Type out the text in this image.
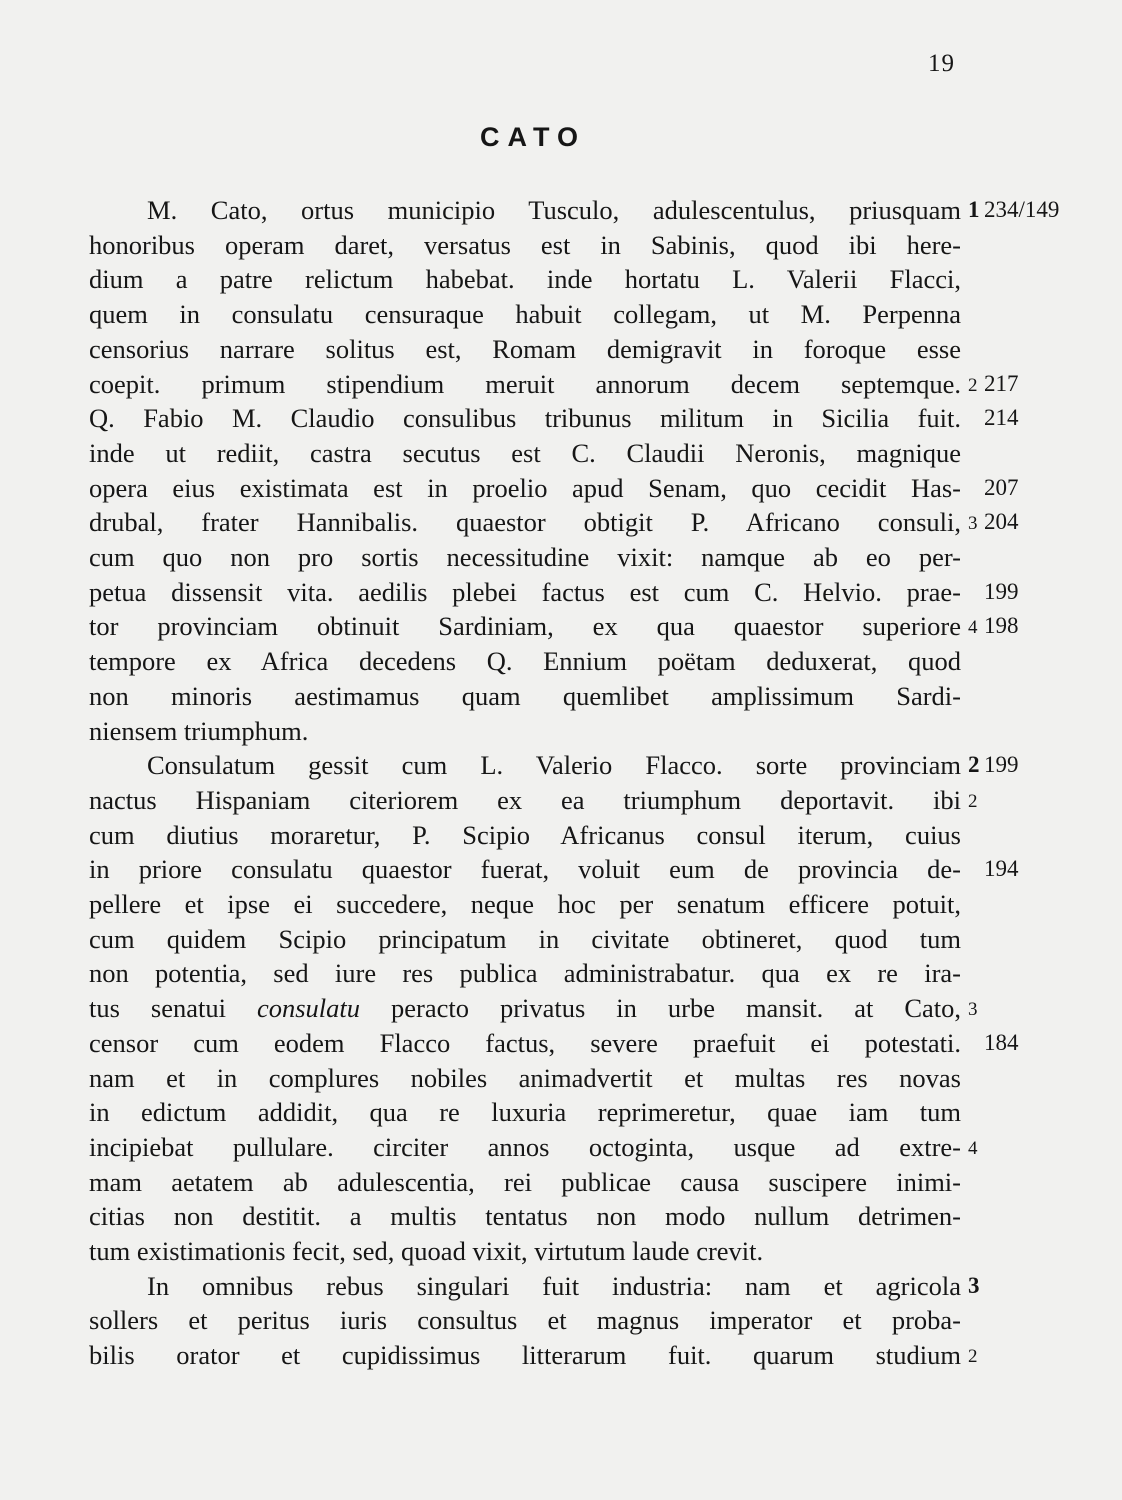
19
CATO
M. Cato, ortus municipio Tusculo, adulescentulus, priusquam
honoribus operam daret, versatus est in Sabinis, quod ibi here-
dium a patre relictum habebat. inde hortatu L. Valerii Flacci,
quem in consulatu censuraque habuit collegam, ut M. Perpenna
censorius narrare solitus est, Romam demigravit in foroque esse
coepit. primum stipendium meruit annorum decem septemque.
Q. Fabio M. Claudio consulibus tribunus militum in Sicilia fuit.
inde ut rediit, castra secutus est C. Claudii Neronis, magnique
opera eius existimata est in proelio apud Senam, quo cecidit Has-
drubal, frater Hannibalis. quaestor obtigit P. Africano consuli,
cum quo non pro sortis necessitudine vixit: namque ab eo per-
petua dissensit vita. aedilis plebei factus est cum C. Helvio. prae-
tor provinciam obtinuit Sardiniam, ex qua quaestor superiore
tempore ex Africa decedens Q. Ennium poëtam deduxerat, quod
non minoris aestimamus quam quemlibet amplissimum Sardi-
niensem triumphum.
Consulatum gessit cum L. Valerio Flacco. sorte provinciam
nactus Hispaniam citeriorem ex ea triumphum deportavit. ibi
cum diutius moraretur, P. Scipio Africanus consul iterum, cuius
in priore consulatu quaestor fuerat, voluit eum de provincia de-
pellere et ipse ei succedere, neque hoc per senatum efficere potuit,
cum quidem Scipio principatum in civitate obtineret, quod tum
non potentia, sed iure res publica administrabatur. qua ex re ira-
tus senatui consulatu peracto privatus in urbe mansit. at Cato,
censor cum eodem Flacco factus, severe praefuit ei potestati.
nam et in complures nobiles animadvertit et multas res novas
in edictum addidit, qua re luxuria reprimeretur, quae iam tum
incipiebat pullulare. circiter annos octoginta, usque ad extre-
mam aetatem ab adulescentia, rei publicae causa suscipere inimi-
citias non destitit. a multis tentatus non modo nullum detrimen-
tum existimationis fecit, sed, quoad vixit, virtutum laude crevit.
In omnibus rebus singulari fuit industria: nam et agricola
sollers et peritus iuris consultus et magnus imperator et proba-
bilis orator et cupidissimus litterarum fuit. quarum studium
1 234/149
2 217
214
207
3 204
199
4 198
2 199
2
194
3
184
4
3
2
